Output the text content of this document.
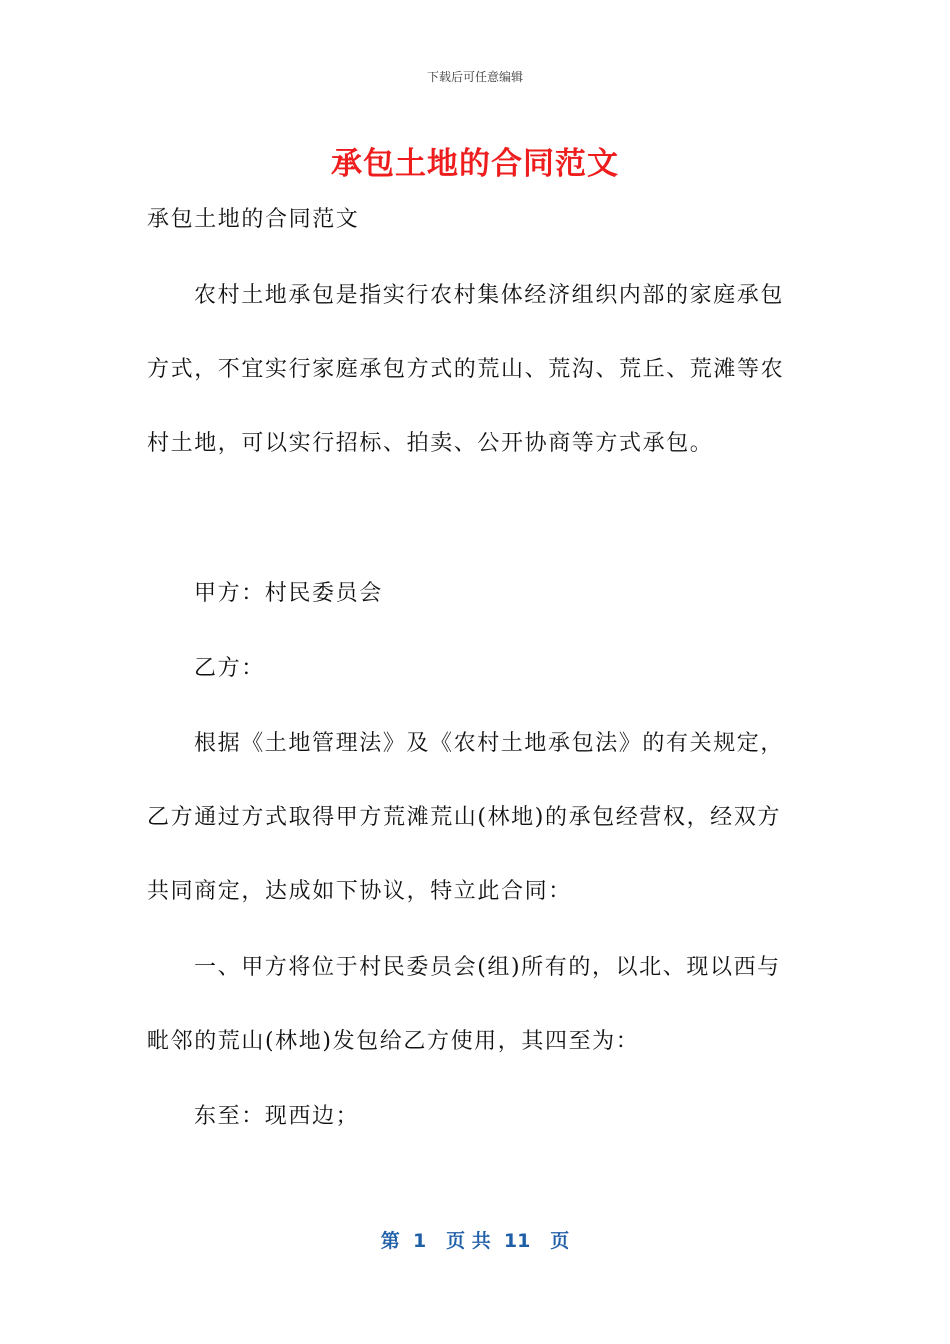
下载后可任意编辑
承包土地的合同范文
承包土地的合同范文
农村土地承包是指实行农村集体经济组织内部的家庭承包
方式，不宜实行家庭承包方式的荒山、荒沟、荒丘、荒滩等农
村土地，可以实行招标、拍卖、公开协商等方式承包。
甲方：村民委员会
乙方：
根据《土地管理法》及《农村土地承包法》的有关规定，
乙方通过方式取得甲方荒滩荒山(林地)的承包经营权，经双方
共同商定，达成如下协议，特立此合同：
一、甲方将位于村民委员会(组)所有的，以北、现以西与
毗邻的荒山(林地)发包给乙方使用，其四至为：
东至：现西边；
第  1   页 共  11   页
